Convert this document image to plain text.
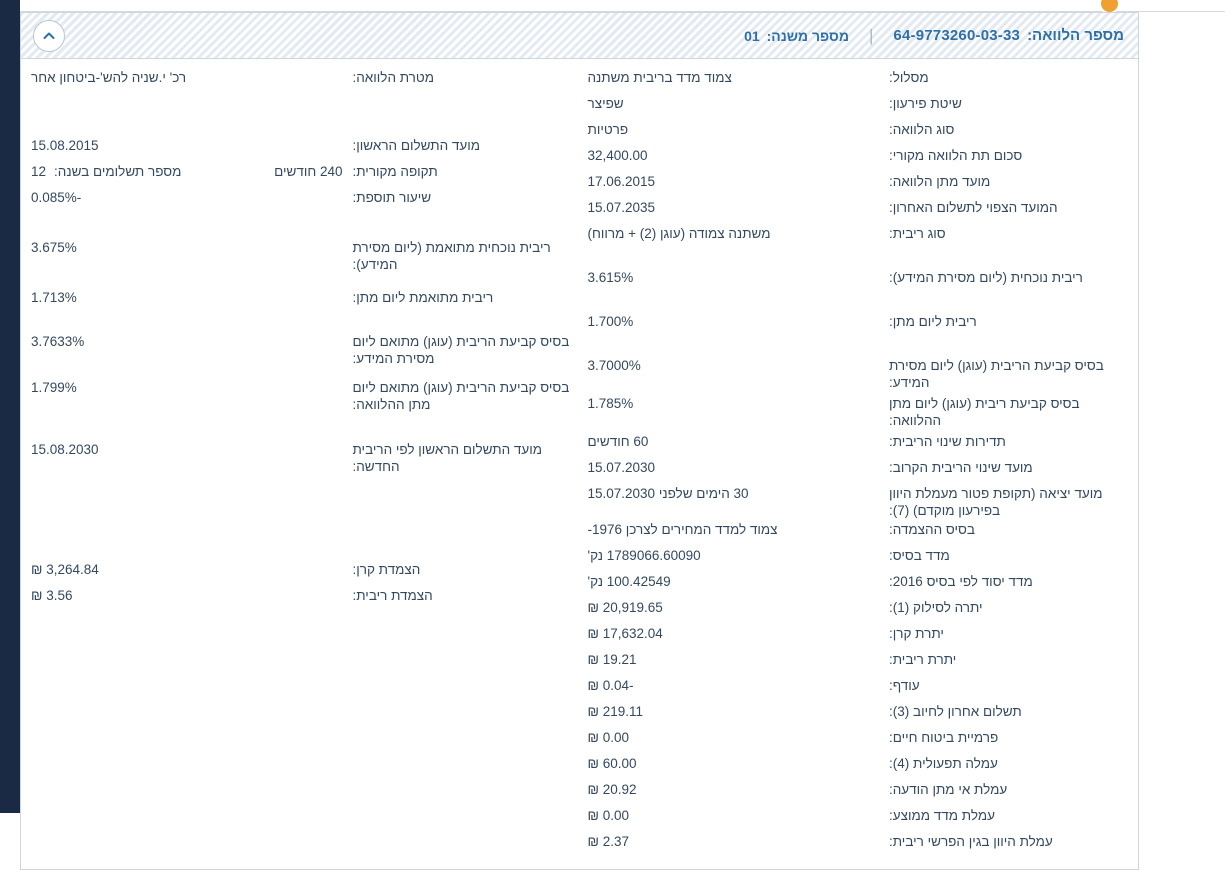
מספר הלוואה:
64-9773260-03-33
|
מספר משנה:
01
מסלול:
צמוד מדד בריבית משתנה
שיטת פירעון:
שפיצר
סוג הלוואה:
פרטיות
סכום תת הלוואה מקורי:
32,400.00
מועד מתן הלוואה:
17.06.2015
המועד הצפוי לתשלום האחרון:
15.07.2035
סוג ריבית:
משתנה צמודה (עוגן (2) + מרווח)
ריבית נוכחית (ליום מסירת המידע):
3.615%
ריבית ליום מתן:
1.700%
בסיס קביעת הריבית (עוגן) ליום מסירת המידע:
3.7000%
בסיס קביעת ריבית (עוגן) ליום מתן ההלוואה:
1.785%
תדירות שינוי הריבית:
60 חודשים
מועד שינוי הריבית הקרוב:
15.07.2030
מועד יציאה (תקופת פטור מעמלת היוון בפירעון מוקדם) (7):
30 הימים שלפני 15.07.2030
בסיס ההצמדה:
צמוד למדד המחירים לצרכן 1976-
מדד בסיס:
1789066.60090 נק'
מדד יסוד לפי בסיס 2016:
100.42549 נק'
יתרה לסילוק (1):
20,919.65 ₪
יתרת קרן:
17,632.04 ₪
יתרת ריבית:
19.21 ₪
עודף:
-0.04 ₪
תשלום אחרון לחיוב (3):
219.11 ₪
פרמיית ביטוח חיים:
0.00 ₪
עמלה תפעולית (4):
60.00 ₪
עמלת אי מתן הודעה:
20.92 ₪
עמלת מדד ממוצע:
0.00 ₪
עמלת היוון בגין הפרשי ריבית:
2.37 ₪
מטרת הלוואה:
רכ' י.שניה להש'-ביטחון אחר
מועד התשלום הראשון:
15.08.2015
תקופה מקורית:
240 חודשים
מספר תשלומים בשנה:
12
שיעור תוספת:
-0.085%
ריבית נוכחית מתואמת (ליום מסירת המידע):
3.675%
ריבית מתואמת ליום מתן:
1.713%
בסיס קביעת הריבית (עוגן) מתואם ליום מסירת המידע:
3.7633%
בסיס קביעת הריבית (עוגן) מתואם ליום מתן ההלוואה:
1.799%
מועד התשלום הראשון לפי הריבית החדשה:
15.08.2030
הצמדת קרן:
3,264.84 ₪
הצמדת ריבית:
3.56 ₪
